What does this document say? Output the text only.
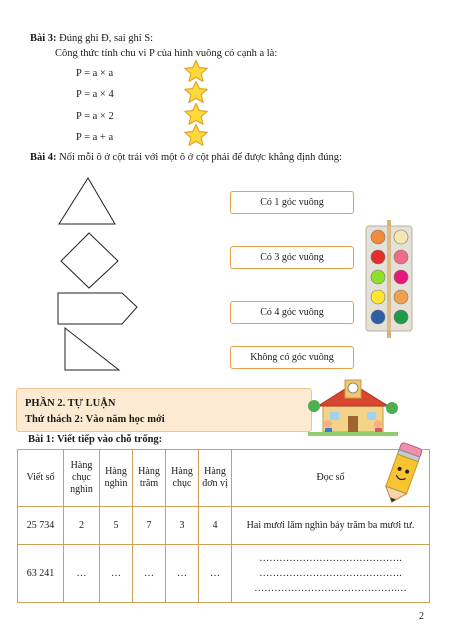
Bài 3: Đúng ghi Đ, sai ghi S:
Công thức tính chu vi P của hình vuông có cạnh a là:
P = a × a
P = a × 4
P = a × 2
P = a + a
Bài 4: Nối mỗi ô ở cột trái với một ô ở cột phải để được khẳng định đúng:
Có 1 góc vuông
Có 3 góc vuông
Có 4 góc vuông
Không có góc vuông
PHẦN 2. TỰ LUẬN
Thử thách 2: Vào năm học mới
Bài 1: Viết tiếp vào chỗ trống:
Viết số	Hàng chục nghìn	Hàng nghìn	Hàng trăm	Hàng chục	Hàng đơn vị	Đọc số
25 734	2	5	7	3	4	Hai mươi lăm nghìn bảy trăm ba mươi tư.
63 241	…	…	…	…	…	…………………………………….
…………………………………….
…………………………………….…
2
